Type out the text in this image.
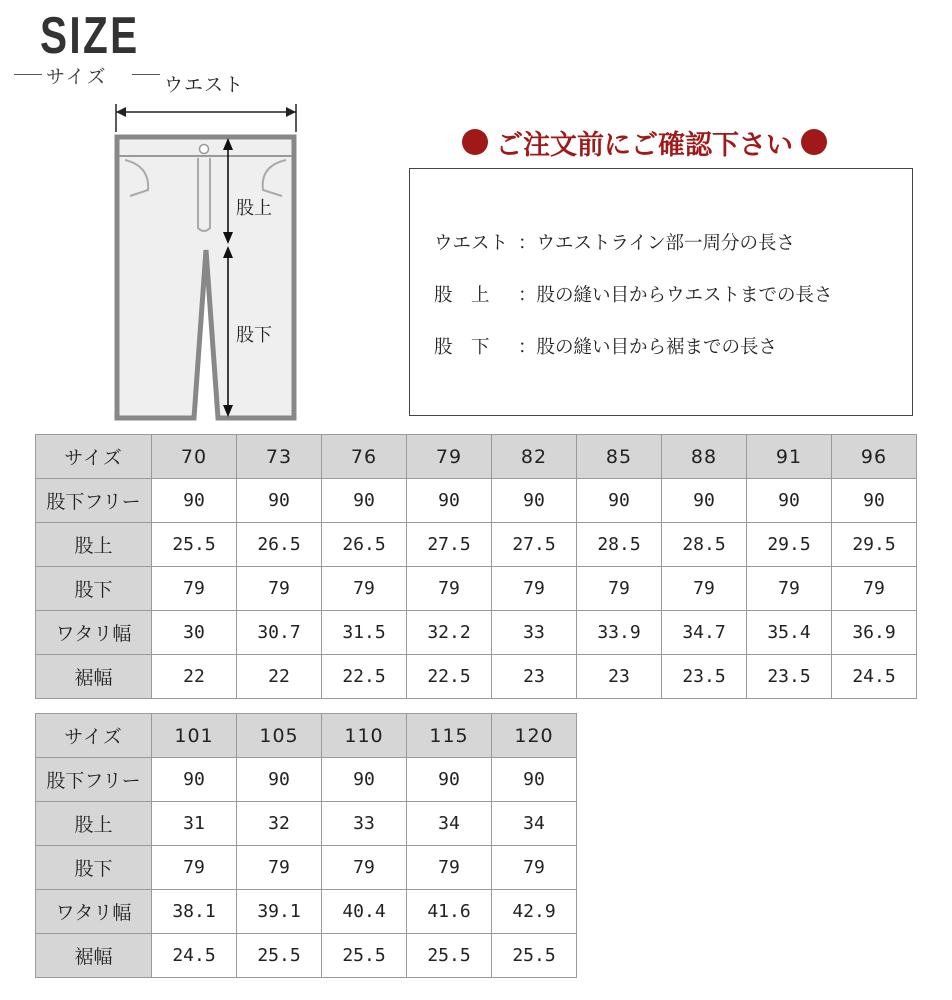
SIZE
サイズ	ウエスト
股上
股下
ご注文前にご確認下さい
ウエスト ：ウエストライン部一周分の長さ
股　上 ：股の縫い目からウエストまでの長さ
股　下 ：股の縫い目から裾までの長さ
サイズ	70	73	76	79	82	85	88	91	96
股下フリー	90	90	90	90	90	90	90	90	90
股上	25.5	26.5	26.5	27.5	27.5	28.5	28.5	29.5	29.5
股下	79	79	79	79	79	79	79	79	79
ワタリ幅	30	30.7	31.5	32.2	33	33.9	34.7	35.4	36.9
裾幅	22	22	22.5	22.5	23	23	23.5	23.5	24.5
サイズ	101	105	110	115	120
股下フリー	90	90	90	90	90
股上	31	32	33	34	34
股下	79	79	79	79	79
ワタリ幅	38.1	39.1	40.4	41.6	42.9
裾幅	24.5	25.5	25.5	25.5	25.5
